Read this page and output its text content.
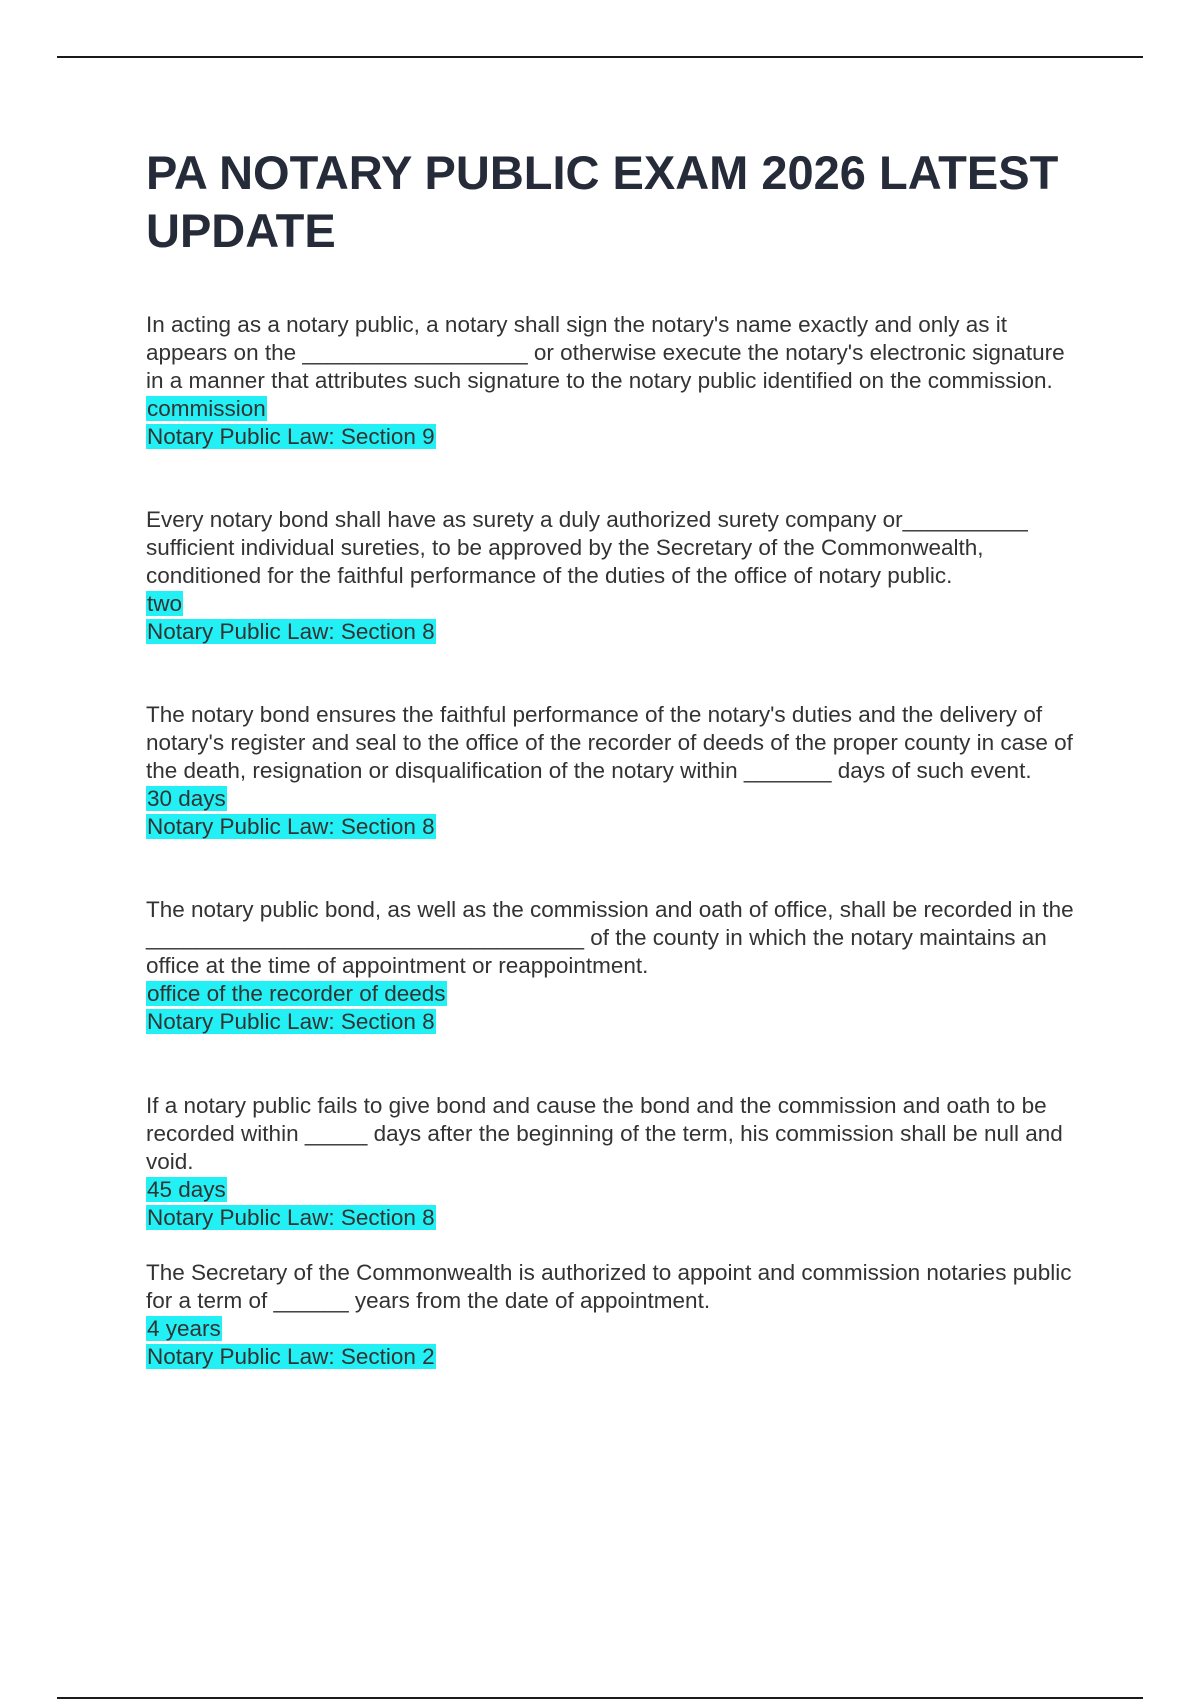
PA NOTARY PUBLIC EXAM 2026 LATEST UPDATE

In acting as a notary public, a notary shall sign the notary's name exactly and only as it appears on the __________________ or otherwise execute the notary's electronic signature in a manner that attributes such signature to the notary public identified on the commission.

commission
Notary Public Law: Section 9

Every notary bond shall have as surety a duly authorized surety company or__________ sufficient individual sureties, to be approved by the Secretary of the Commonwealth, conditioned for the faithful performance of the duties of the office of notary public.

two
Notary Public Law: Section 8

The notary bond ensures the faithful performance of the notary's duties and the delivery of notary's register and seal to the office of the recorder of deeds of the proper county in case of the death, resignation or disqualification of the notary within _______ days of such event.

30 days
Notary Public Law: Section 8

The notary public bond, as well as the commission and oath of office, shall be recorded in the ___________________________________ of the county in which the notary maintains an office at the time of appointment or reappointment.

office of the recorder of deeds
Notary Public Law: Section 8

If a notary public fails to give bond and cause the bond and the commission and oath to be recorded within _____ days after the beginning of the term, his commission shall be null and void.

45 days
Notary Public Law: Section 8

The Secretary of the Commonwealth is authorized to appoint and commission notaries public for a term of ______ years from the date of appointment.

4 years
Notary Public Law: Section 2
